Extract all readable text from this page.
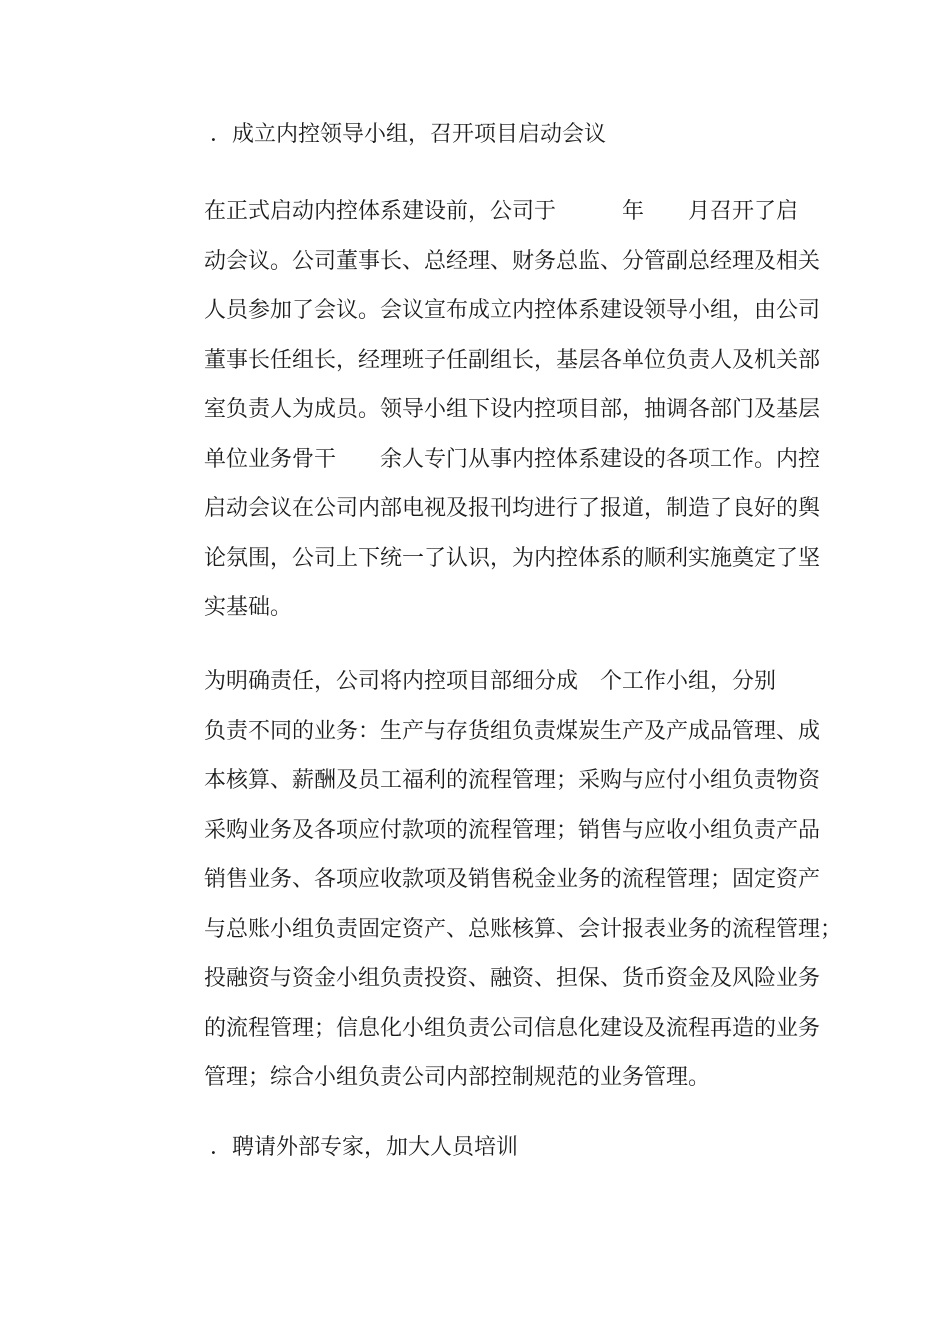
．成立内控领导小组，召开项目启动会议

在正式启动内控体系建设前，公司于　　　年　　月召开了启
动会议。公司董事长、总经理、财务总监、分管副总经理及相关
人员参加了会议。会议宣布成立内控体系建设领导小组，由公司
董事长任组长，经理班子任副组长，基层各单位负责人及机关部
室负责人为成员。领导小组下设内控项目部，抽调各部门及基层
单位业务骨干　　余人专门从事内控体系建设的各项工作。内控
启动会议在公司内部电视及报刊均进行了报道，制造了良好的舆
论氛围，公司上下统一了认识，为内控体系的顺利实施奠定了坚
实基础。

为明确责任，公司将内控项目部细分成　个工作小组，分别
负责不同的业务：生产与存货组负责煤炭生产及产成品管理、成
本核算、薪酬及员工福利的流程管理；采购与应付小组负责物资
采购业务及各项应付款项的流程管理；销售与应收小组负责产品
销售业务、各项应收款项及销售税金业务的流程管理；固定资产
与总账小组负责固定资产、总账核算、会计报表业务的流程管理；
投融资与资金小组负责投资、融资、担保、货币资金及风险业务
的流程管理；信息化小组负责公司信息化建设及流程再造的业务
管理；综合小组负责公司内部控制规范的业务管理。

．聘请外部专家，加大人员培训
